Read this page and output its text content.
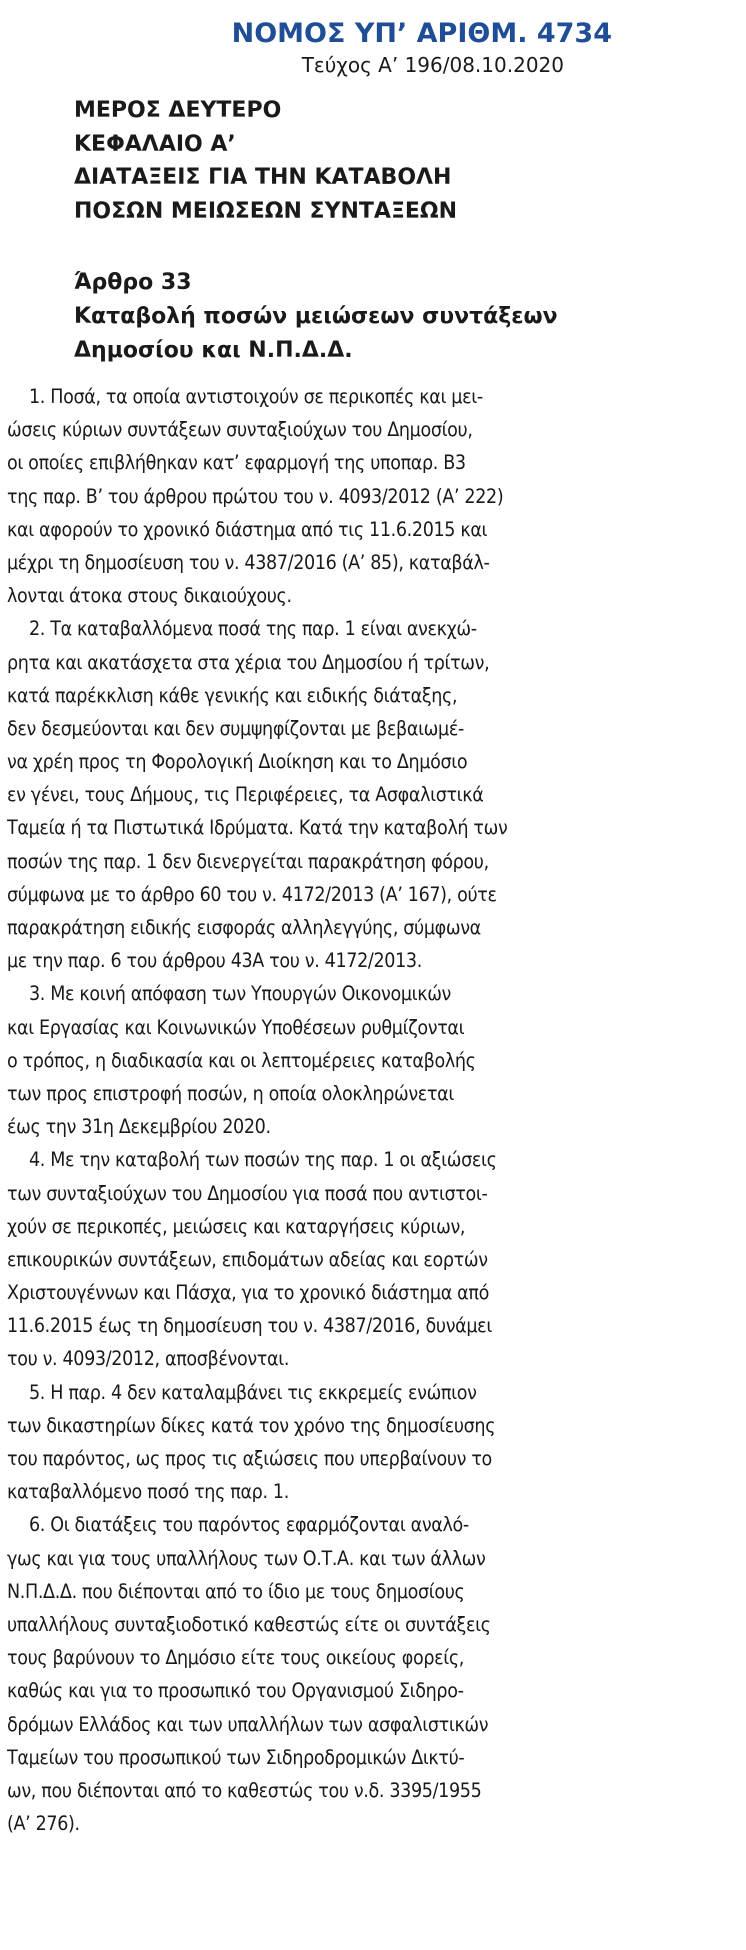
ΝΟΜΟΣ ΥΠ’ ΑΡΙΘΜ. 4734
Τεύχος Α’ 196/08.10.2020
ΜΕΡΟΣ ΔΕΥΤΕΡΟ
ΚΕΦΑΛΑΙΟ Α’
ΔΙΑΤΑΞΕΙΣ ΓΙΑ ΤΗΝ ΚΑΤΑΒΟΛΗ
ΠΟΣΩΝ ΜΕΙΩΣΕΩΝ ΣΥΝΤΑΞΕΩΝ
Άρθρο 33
Καταβολή ποσών μειώσεων συντάξεων
Δημοσίου και Ν.Π.Δ.Δ.
1. Ποσά, τα οποία αντιστοιχούν σε περικοπές και μει-
ώσεις κύριων συντάξεων συνταξιούχων του Δημοσίου,
οι οποίες επιβλήθηκαν κατ’ εφαρμογή της υποπαρ. Β3
της παρ. Β’ του άρθρου πρώτου του ν. 4093/2012 (Α’ 222)
και αφορούν το χρονικό διάστημα από τις 11.6.2015 και
μέχρι τη δημοσίευση του ν. 4387/2016 (Α’ 85), καταβάλ-
λονται άτοκα στους δικαιούχους.
2. Τα καταβαλλόμενα ποσά της παρ. 1 είναι ανεκχώ-
ρητα και ακατάσχετα στα χέρια του Δημοσίου ή τρίτων,
κατά παρέκκλιση κάθε γενικής και ειδικής διάταξης,
δεν δεσμεύονται και δεν συμψηφίζονται με βεβαιωμέ-
να χρέη προς τη Φορολογική Διοίκηση και το Δημόσιο
εν γένει, τους Δήμους, τις Περιφέρειες, τα Ασφαλιστικά
Ταμεία ή τα Πιστωτικά Ιδρύματα. Κατά την καταβολή των
ποσών της παρ. 1 δεν διενεργείται παρακράτηση φόρου,
σύμφωνα με το άρθρο 60 του ν. 4172/2013 (Α’ 167), ούτε
παρακράτηση ειδικής εισφοράς αλληλεγγύης, σύμφωνα
με την παρ. 6 του άρθρου 43Α του ν. 4172/2013.
3. Με κοινή απόφαση των Υπουργών Οικονομικών
και Εργασίας και Κοινωνικών Υποθέσεων ρυθμίζονται
ο τρόπος, η διαδικασία και οι λεπτομέρειες καταβολής
των προς επιστροφή ποσών, η οποία ολοκληρώνεται
έως την 31η Δεκεμβρίου 2020.
4. Με την καταβολή των ποσών της παρ. 1 οι αξιώσεις
των συνταξιούχων του Δημοσίου για ποσά που αντιστοι-
χούν σε περικοπές, μειώσεις και καταργήσεις κύριων,
επικουρικών συντάξεων, επιδομάτων αδείας και εορτών
Χριστουγέννων και Πάσχα, για το χρονικό διάστημα από
11.6.2015 έως τη δημοσίευση του ν. 4387/2016, δυνάμει
του ν. 4093/2012, αποσβένονται.
5. Η παρ. 4 δεν καταλαμβάνει τις εκκρεμείς ενώπιον
των δικαστηρίων δίκες κατά τον χρόνο της δημοσίευσης
του παρόντος, ως προς τις αξιώσεις που υπερβαίνουν το
καταβαλλόμενο ποσό της παρ. 1.
6. Οι διατάξεις του παρόντος εφαρμόζονται αναλό-
γως και για τους υπαλλήλους των Ο.Τ.Α. και των άλλων
Ν.Π.Δ.Δ. που διέπονται από το ίδιο με τους δημοσίους
υπαλλήλους συνταξιοδοτικό καθεστώς είτε οι συντάξεις
τους βαρύνουν το Δημόσιο είτε τους οικείους φορείς,
καθώς και για το προσωπικό του Οργανισμού Σιδηρο-
δρόμων Ελλάδος και των υπαλλήλων των ασφαλιστικών
Ταμείων του προσωπικού των Σιδηροδρομικών Δικτύ-
ων, που διέπονται από το καθεστώς του ν.δ. 3395/1955
(Α’ 276).
